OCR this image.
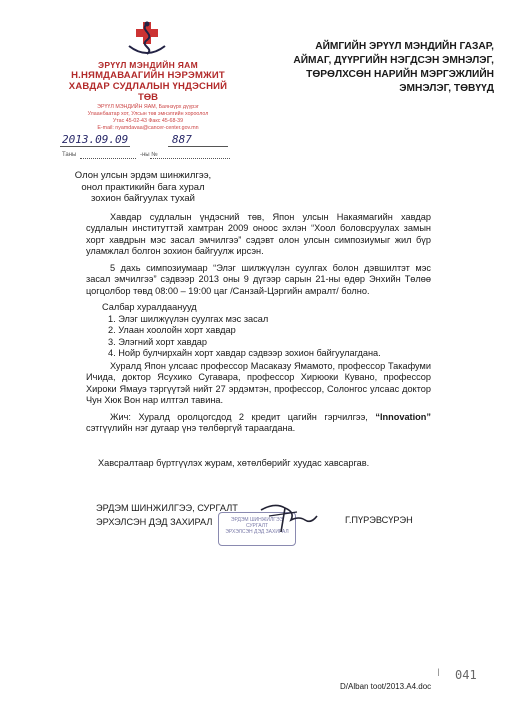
ЭРҮҮЛ МЭНДИЙН ЯАМ
Н.НЯМДАВААГИЙН НЭРЭМЖИТ
ХАВДАР СУДЛАЛЫН ҮНДЭСНИЙ
ТӨВ
ЭРҮҮЛ МЭНДИЙН ЯАМ, Баянзүрх дүүрэг
Улаанбаатар хот, Улсын төв эмнэлгийн хороолол
Утас 45-02-43 Факс 45-68-39
E-mail: nyamdavaa@cancer-center.gov.mn
2013.09.09	887
Таны	-ны №
АЙМГИЙН ЭРҮҮЛ МЭНДИЙН ГАЗАР,
АЙМАГ, ДҮҮРГИЙН НЭГДСЭН ЭМНЭЛЭГ,
ТӨРӨЛХСӨН НАРИЙН МЭРГЭЖЛИЙН
ЭМНЭЛЭГ, ТӨВҮҮД
Олон улсын эрдэм шинжилгээ,
онол практикийн бага хурал
зохион байгуулах тухай
Хавдар судлалын үндэсний төв, Япон улсын Накаямагийн хавдар судлалын институттэй хамтран 2009 оноос эхлэн “Хоол боловсруулах замын хорт хавдрын мэс засал эмчилгээ” сэдэвт олон улсын симпозиумыг жил бүр уламжлал болгон зохион байгуулж ирсэн.
5 дахь симпозиумаар “Элэг шилжүүлэн суулгах болон дэвшилтэт мэс засал эмчилгээ” сэдвээр 2013 оны 9 дүгээр сарын 21-ны өдөр Энхийн Төлөө цогцолбор төвд 08:00 – 19:00 цаг /Санзай-Цэргийн амралт/ болно.
Салбар хуралдаанууд
1. Элэг шилжүүлэн суулгах мэс засал
2. Улаан хоолойн хорт хавдар
3. Элэгний хорт хавдар
4. Нойр булчирхайн хорт хавдар сэдвээр зохион байгуулагдана.
Хуралд Япон улсаас профессор Масаказу Ямамото, профессор Такафуми Ичида, доктор Ясухико Сугавара, профессор Хирюоки Кувано, профессор Хироки Ямауэ тэргүүтэй нийт 27 эрдэмтэн, профессор, Солонгос улсаас доктор Чун Хюк Вон нар илтгэл тавина.
Жич: Хуралд оролцогсдод 2 кредит цагийн гэрчилгээ, “Innovation” сэтгүүлийн нэг дугаар үнэ төлбөргүй тараагдана.
Хавсралтаар бүртгүүлэх журам, хөтөлбөрийг хуудас хавсаргав.
ЭРДЭМ ШИНЖИЛГЭЭ, СУРГАЛТ
ЭРХЭЛСЭН ДЭД ЗАХИРАЛ	ЭРДЭМ ШИНЖИЛГЭЭ
СУРГАЛТ
ЭРХЭЛСЭН ДЭД ЗАХИРАЛ
Г.ПҮРЭВСҮРЭН
Ⅰ 041
D/Alban toot/2013.А4.doc
